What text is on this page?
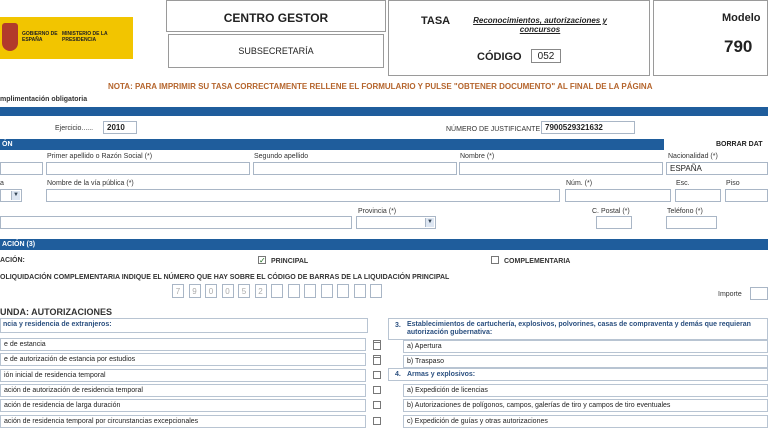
GOBIERNO DE ESPAÑA
MINISTERIO DE LA PRESIDENCIA
CENTRO GESTOR
SUBSECRETARÍA
TASA	Reconocimientos, autorizaciones y concursos
CÓDIGO	052
Modelo
790
NOTA: PARA IMPRIMIR SU TASA CORRECTAMENTE RELLENE EL FORMULARIO Y PULSE "OBTENER DOCUMENTO" AL FINAL DE LA PÁGINA
mplimentación obligatoria
Ejercicio......	2010	NÚMERO DE JUSTIFICANTE 7900529321632
ÓN	BORRAR DAT
Primer apellido o Razón Social (*)	Segundo apellido	Nombre (*)	Nacionalidad (*)
ESPAÑA
a	Nombre de la vía pública (*)	Núm. (*)	Esc.	Piso
▼
Provincia (*)	C. Postal (*)	Teléfono (*)
▼
ACIÓN (3)
ACIÓN:	✓ PRINCIPAL	COMPLEMENTARIA
OLIQUIDACIÓN COMPLEMENTARIA INDIQUE EL NÚMERO QUE HAY SOBRE EL CÓDIGO DE BARRAS DE LA LIQUIDACIÓN PRINCIPAL
7	9	0	0	5	2	Importe
UNDA: AUTORIZACIONES
ncia y residencia de extranjeros:
e de estancia
e de autorización de estancia por estudios
ión inicial de residencia temporal
ación de autorización de residencia temporal
ación de residencia de larga duración
ación de residencia temporal por circunstancias excepcionales
3. Establecimientos de cartuchería, explosivos, polvorines, casas de compraventa y demás que requieran autorización gubernativa:
a) Apertura
b) Traspaso
4. Armas y explosivos:
a) Expedición de licencias
b) Autorizaciones de polígonos, campos, galerías de tiro y campos de tiro eventuales
c) Expedición de guías y otras autorizaciones
